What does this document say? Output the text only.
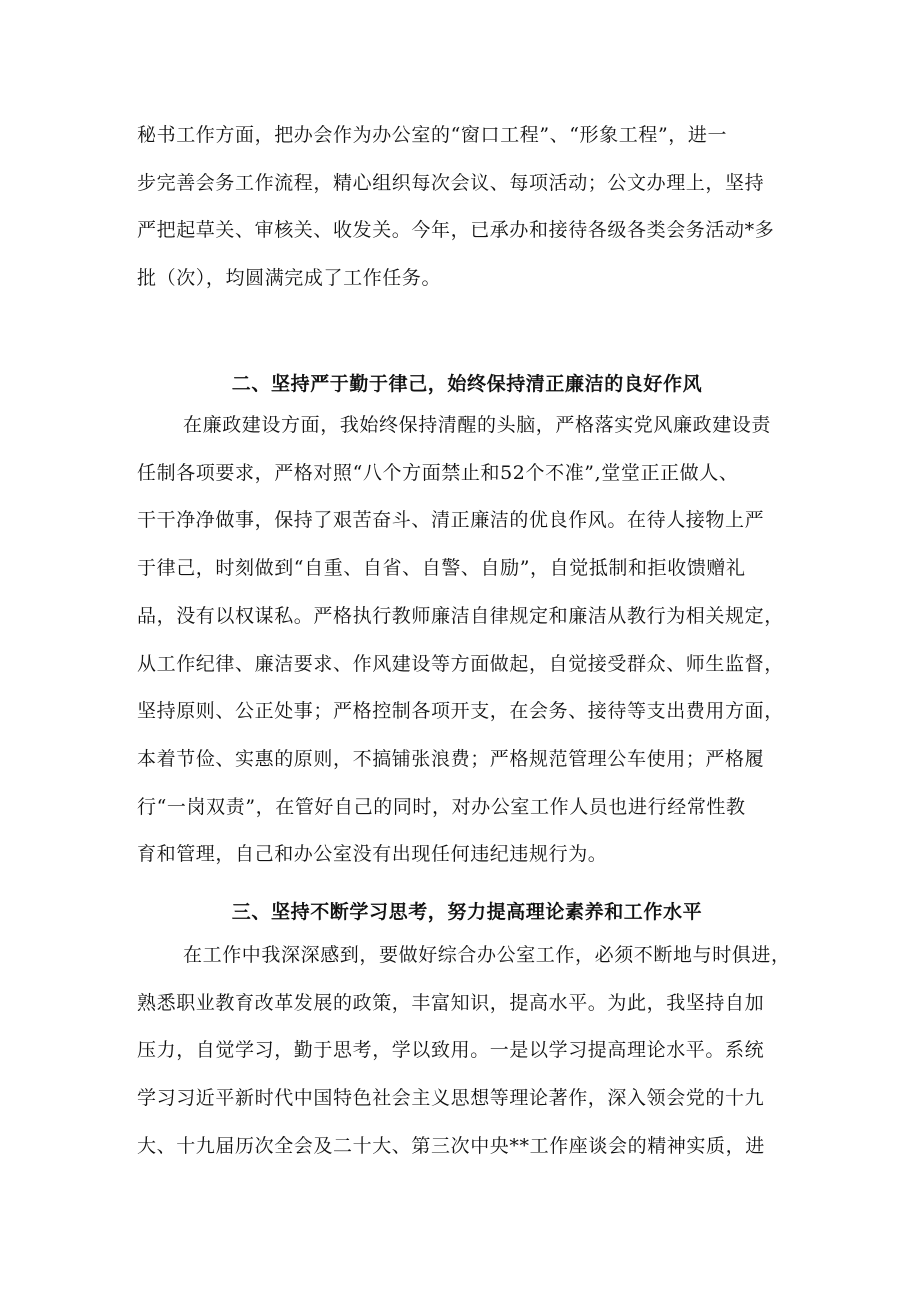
秘书工作方面，把办会作为办公室的“窗口工程”、“形象工程”，进一
步完善会务工作流程，精心组织每次会议、每项活动；公文办理上，坚持
严把起草关、审核关、收发关。今年，已承办和接待各级各类会务活动*多
批（次），均圆满完成了工作任务。
二、坚持严于勤于律己，始终保持清正廉洁的良好作风
在廉政建设方面，我始终保持清醒的头脑，严格落实党风廉政建设责
任制各项要求，严格对照“八个方面禁止和52个不准”,堂堂正正做人、
干干净净做事，保持了艰苦奋斗、清正廉洁的优良作风。在待人接物上严
于律己，时刻做到“自重、自省、自警、自励”，自觉抵制和拒收馈赠礼
品，没有以权谋私。严格执行教师廉洁自律规定和廉洁从教行为相关规定，
从工作纪律、廉洁要求、作风建设等方面做起，自觉接受群众、师生监督，
坚持原则、公正处事；严格控制各项开支，在会务、接待等支出费用方面，
本着节俭、实惠的原则，不搞铺张浪费；严格规范管理公车使用；严格履
行“一岗双责”，在管好自己的同时，对办公室工作人员也进行经常性教
育和管理，自己和办公室没有出现任何违纪违规行为。
三、坚持不断学习思考，努力提高理论素养和工作水平
在工作中我深深感到，要做好综合办公室工作，必须不断地与时俱进，
熟悉职业教育改革发展的政策，丰富知识，提高水平。为此，我坚持自加
压力，自觉学习，勤于思考，学以致用。一是以学习提高理论水平。系统
学习习近平新时代中国特色社会主义思想等理论著作，深入领会党的十九
大、十九届历次全会及二十大、第三次中央**工作座谈会的精神实质，进
